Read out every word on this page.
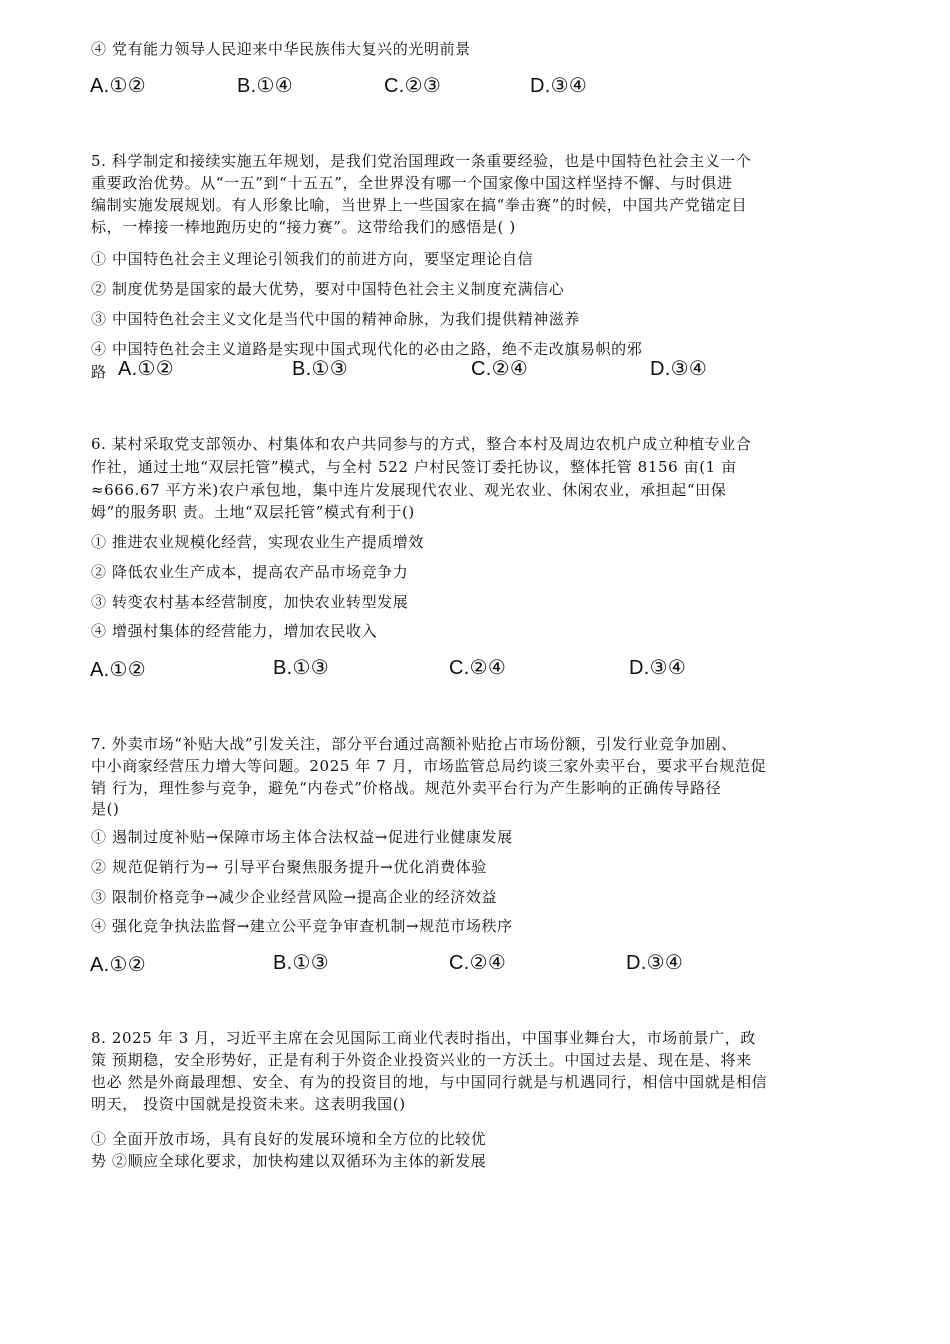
④ 党有能力领导人民迎来中华民族伟大复兴的光明前景
A.①②	B.①④	C.②③	D.③④
5. 科学制定和接续实施五年规划，是我们党治国理政一条重要经验，也是中国特色社会主义一个
重要政治优势。从“一五”到“十五五”，全世界没有哪一个国家像中国这样坚持不懈、与时俱进
编制实施发展规划。有人形象比喻，当世界上一些国家在搞“拳击赛”的时候，中国共产党锚定目
标，一棒接一棒地跑历史的“接力赛”。这带给我们的感悟是( )
① 中国特色社会主义理论引领我们的前进方向，要坚定理论自信
② 制度优势是国家的最大优势，要对中国特色社会主义制度充满信心
③ 中国特色社会主义文化是当代中国的精神命脉，为我们提供精神滋养
④ 中国特色社会主义道路是实现中国式现代化的必由之路，绝不走改旗易帜的邪
路 A.①②	B.①③	C.②④	D.③④
6. 某村采取党支部领办、村集体和农户共同参与的方式，整合本村及周边农机户成立种植专业合
作社，通过土地“双层托管”模式，与全村 522 户村民签订委托协议，整体托管 8156 亩(1 亩
≈666.67 平方米)农户承包地，集中连片发展现代农业、观光农业、休闲农业，承担起“田保
姆”的服务职 责。土地“双层托管”模式有利于()
① 推进农业规模化经营，实现农业生产提质增效
② 降低农业生产成本，提高农产品市场竞争力
③ 转变农村基本经营制度，加快农业转型发展
④ 增强村集体的经营能力，增加农民收入
A.①②	B.①③	C.②④	D.③④
7. 外卖市场“补贴大战”引发关注，部分平台通过高额补贴抢占市场份额，引发行业竞争加剧、
中小商家经营压力增大等问题。2025 年 7 月，市场监管总局约谈三家外卖平台，要求平台规范促
销 行为，理性参与竞争，避免“内卷式”价格战。规范外卖平台行为产生影响的正确传导路径
是()
① 遏制过度补贴→保障市场主体合法权益→促进行业健康发展
② 规范促销行为→ 引导平台聚焦服务提升→优化消费体验
③ 限制价格竞争→减少企业经营风险→提高企业的经济效益
④ 强化竞争执法监督→建立公平竞争审查机制→规范市场秩序
A.①②	B.①③	C.②④	D.③④
8. 2025 年 3 月，习近平主席在会见国际工商业代表时指出，中国事业舞台大，市场前景广，政
策 预期稳，安全形势好，正是有利于外资企业投资兴业的一方沃土。中国过去是、现在是、将来
也必 然是外商最理想、安全、有为的投资目的地，与中国同行就是与机遇同行，相信中国就是相信
明天， 投资中国就是投资未来。这表明我国()
① 全面开放市场，具有良好的发展环境和全方位的比较优
势 ②顺应全球化要求，加快构建以双循环为主体的新发展
